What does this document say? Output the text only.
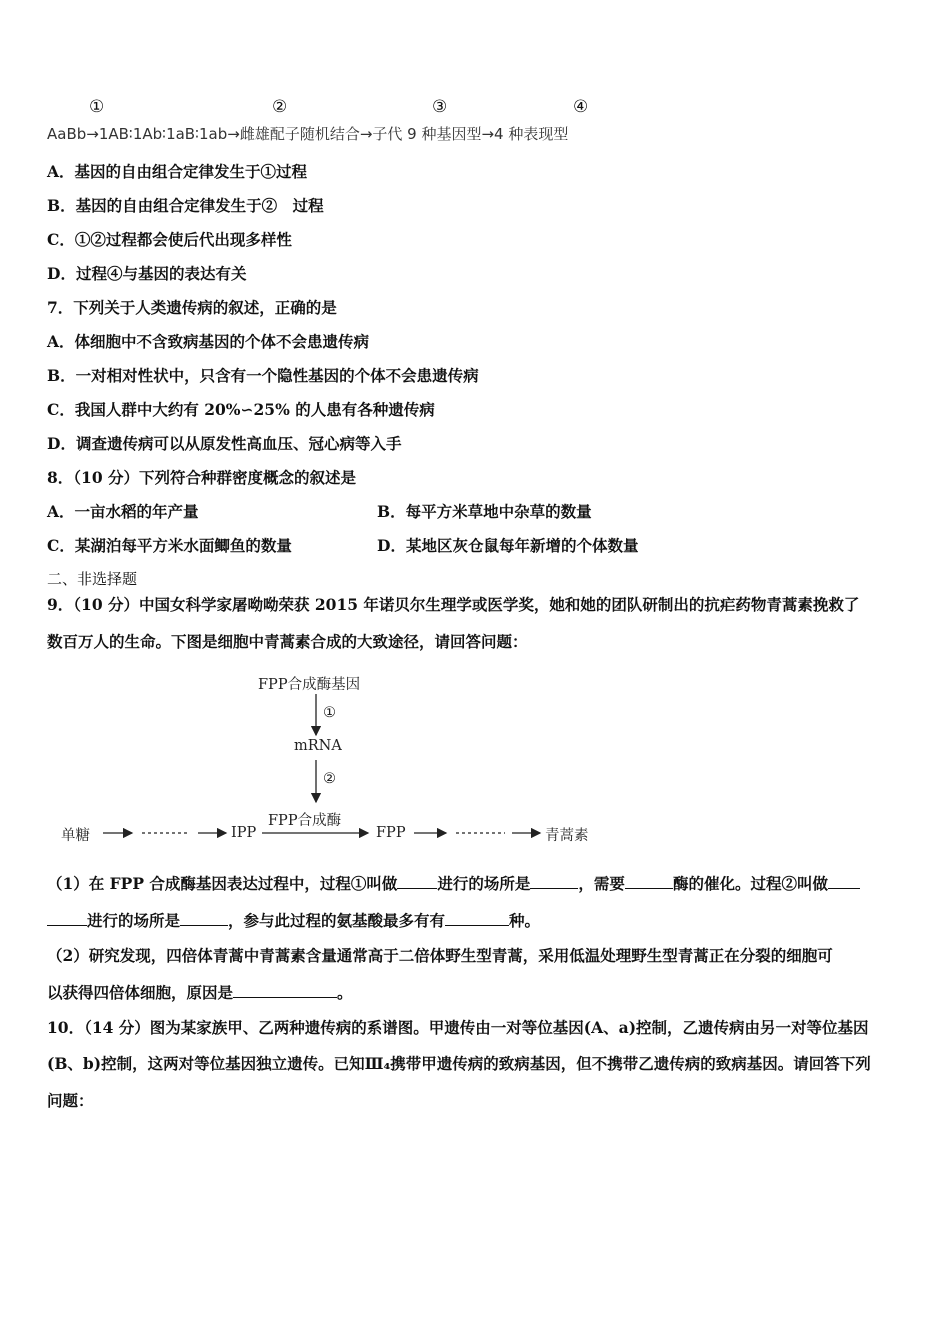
①	②	③	④
AaBb→1AB∶1Ab∶1aB∶1ab→雌雄配子随机结合→子代 9 种基因型→4 种表现型
A．基因的自由组合定律发生于①过程
B．基因的自由组合定律发生于②　过程
C．①②过程都会使后代出现多样性
D．过程④与基因的表达有关
7．下列关于人类遗传病的叙述，正确的是
A．体细胞中不含致病基因的个体不会患遗传病
B．一对相对性状中，只含有一个隐性基因的个体不会患遗传病
C．我国人群中大约有 20%∽25% 的人患有各种遗传病
D．调查遗传病可以从原发性高血压、冠心病等入手
8．（10 分）下列符合种群密度概念的叙述是
A．一亩水稻的年产量	B．每平方米草地中杂草的数量
C．某湖泊每平方米水面鲫鱼的数量	D．某地区灰仓鼠每年新增的个体数量
二、非选择题
9．（10 分）中国女科学家屠呦呦荣获 2015 年诺贝尔生理学或医学奖，她和她的团队研制出的抗疟药物青蒿素挽救了
数百万人的生命。下图是细胞中青蒿素合成的大致途径，请回答问题：
FPP合成酶基因
①
mRNA
②
FPP合成酶
单糖	IPP	FPP	青蒿素
（1）在 FPP 合成酶基因表达过程中，过程①叫做	进行的场所是	，需要	酶的催化。过程②叫做
进行的场所是	，参与此过程的氨基酸最多有有	种。
（2）研究发现，四倍体青蒿中青蒿素含量通常高于二倍体野生型青蒿，采用低温处理野生型青蒿正在分裂的细胞可
以获得四倍体细胞，原因是	。
10．（14 分）图为某家族甲、乙两种遗传病的系谱图。甲遗传由一对等位基因(A、a)控制，乙遗传病由另一对等位基因
(B、b)控制，这两对等位基因独立遗传。已知Ⅲ₄携带甲遗传病的致病基因，但不携带乙遗传病的致病基因。请回答下列
问题：
